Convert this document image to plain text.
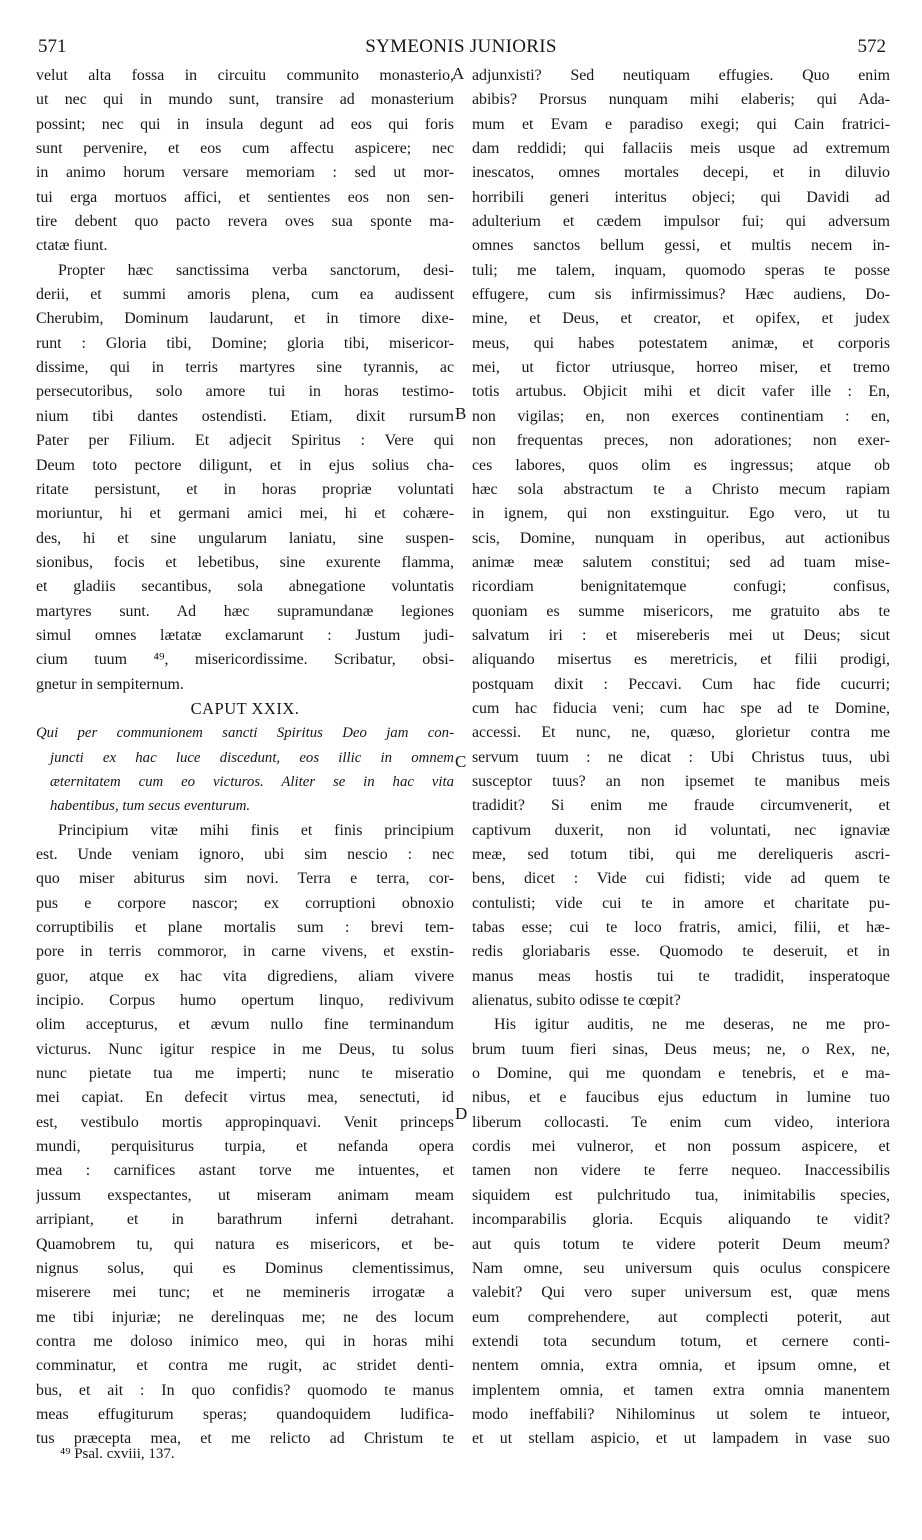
571	SYMEONIS JUNIORIS	572
velut alta fossa in circuitu communito monasterio,
ut nec qui in mundo sunt, transire ad monasterium
possint; nec qui in insula degunt ad eos qui foris
sunt pervenire, et eos cum affectu aspicere; nec
in animo horum versare memoriam : sed ut mor-
tui erga mortuos affici, et sentientes eos non sen-
tire debent quo pacto revera oves sua sponte ma-
ctatæ fiunt.
Propter hæc sanctissima verba sanctorum, desi-
derii, et summi amoris plena, cum ea audissent
Cherubim, Dominum laudarunt, et in timore dixe-
runt : Gloria tibi, Domine; gloria tibi, misericor-
dissime, qui in terris martyres sine tyrannis, ac
persecutoribus, solo amore tui in horas testimo-
nium tibi dantes ostendisti. Etiam, dixit rursum
Pater per Filium. Et adjecit Spiritus : Vere qui
Deum toto pectore diligunt, et in ejus solius cha-
ritate persistunt, et in horas propriæ voluntati
moriuntur, hi et germani amici mei, hi et cohære-
des, hi et sine ungularum laniatu, sine suspen-
sionibus, focis et lebetibus, sine exurente flamma,
et gladiis secantibus, sola abnegatione voluntatis
martyres sunt. Ad hæc supramundanæ legiones
simul omnes lætatæ exclamarunt : Justum judi-
cium tuum ⁴⁹, misericordissime. Scribatur, obsi-
gnetur in sempiternum.
CAPUT XXIX.
Qui per communionem sancti Spiritus Deo jam con-
juncti ex hac luce discedunt, eos illic in omnem
æternitatem cum eo victuros. Aliter se in hac vita
habentibus, tum secus eventurum.
Principium vitæ mihi finis et finis principium
est. Unde veniam ignoro, ubi sim nescio : nec
quo miser abiturus sim novi. Terra e terra, cor-
pus e corpore nascor; ex corruptioni obnoxio
corruptibilis et plane mortalis sum : brevi tem-
pore in terris commoror, in carne vivens, et exstin-
guor, atque ex hac vita digrediens, aliam vivere
incipio. Corpus humo opertum linquo, redivivum
olim accepturus, et ævum nullo fine terminandum
victurus. Nunc igitur respice in me Deus, tu solus
nunc pietate tua me imperti; nunc te miseratio
mei capiat. En defecit virtus mea, senectuti, id
est, vestibulo mortis appropinquavi. Venit princeps
mundi, perquisiturus turpia, et nefanda opera
mea : carnifices astant torve me intuentes, et
jussum exspectantes, ut miseram animam meam
arripiant, et in barathrum inferni detrahant.
Quamobrem tu, qui natura es misericors, et be-
nignus solus, qui es Dominus clementissimus,
miserere mei tunc; et ne memineris irrogatæ a
me tibi injuriæ; ne derelinquas me; ne des locum
contra me doloso inimico meo, qui in horas mihi
comminatur, et contra me rugit, ac stridet denti-
bus, et ait : In quo confidis? quomodo te manus
meas effugiturum speras; quandoquidem ludifica-
tus præcepta mea, et me relicto ad Christum te
adjunxisti? Sed neutiquam effugies. Quo enim
abibis? Prorsus nunquam mihi elaberis; qui Ada-
mum et Evam e paradiso exegi; qui Cain fratrici-
dam reddidi; qui fallaciis meis usque ad extremum
inescatos, omnes mortales decepi, et in diluvio
horribili generi interitus objeci; qui Davidi ad
adulterium et cædem impulsor fui; qui adversum
omnes sanctos bellum gessi, et multis necem in-
tuli; me talem, inquam, quomodo speras te posse
effugere, cum sis infirmissimus? Hæc audiens, Do-
mine, et Deus, et creator, et opifex, et judex
meus, qui habes potestatem animæ, et corporis
mei, ut fictor utriusque, horreo miser, et tremo
totis artubus. Objicit mihi et dicit vafer ille : En,
non vigilas; en, non exerces continentiam : en,
non frequentas preces, non adorationes; non exer-
ces labores, quos olim es ingressus; atque ob
hæc sola abstractum te a Christo mecum rapiam
in ignem, qui non exstinguitur. Ego vero, ut tu
scis, Domine, nunquam in operibus, aut actionibus
animæ meæ salutem constitui; sed ad tuam mise-
ricordiam benignitatemque confugi; confisus,
quoniam es summe misericors, me gratuito abs te
salvatum iri : et misereberis mei ut Deus; sicut
aliquando misertus es meretricis, et filii prodigi,
postquam dixit : Peccavi. Cum hac fide cucurri;
cum hac fiducia veni; cum hac spe ad te Domine,
accessi. Et nunc, ne, quæso, glorietur contra me
servum tuum : ne dicat : Ubi Christus tuus, ubi
susceptor tuus? an non ipsemet te manibus meis
tradidit? Si enim me fraude circumvenerit, et
captivum duxerit, non id voluntati, nec ignaviæ
meæ, sed totum tibi, qui me dereliqueris ascri-
bens, dicet : Vide cui fidisti; vide ad quem te
contulisti; vide cui te in amore et charitate pu-
tabas esse; cui te loco fratris, amici, filii, et hæ-
redis gloriabaris esse. Quomodo te deseruit, et in
manus meas hostis tui te tradidit, insperatoque
alienatus, subito odisse te cœpit?
His igitur auditis, ne me deseras, ne me pro-
brum tuum fieri sinas, Deus meus; ne, o Rex, ne,
o Domine, qui me quondam e tenebris, et e ma-
nibus, et e faucibus ejus eductum in lumine tuo
liberum collocasti. Te enim cum video, interiora
cordis mei vulneror, et non possum aspicere, et
tamen non videre te ferre nequeo. Inaccessibilis
siquidem est pulchritudo tua, inimitabilis species,
incomparabilis gloria. Ecquis aliquando te vidit?
aut quis totum te videre poterit Deum meum?
Nam omne, seu universum quis oculus conspicere
valebit? Qui vero super universum est, quæ mens
eum comprehendere, aut complecti poterit, aut
extendi tota secundum totum, et cernere conti-
nentem omnia, extra omnia, et ipsum omne, et
implentem omnia, et tamen extra omnia manentem
modo ineffabili? Nihilominus ut solem te intueor,
et ut stellam aspicio, et ut lampadem in vase suo
A
B
C
D
⁴⁹ Psal. cxviii, 137.
